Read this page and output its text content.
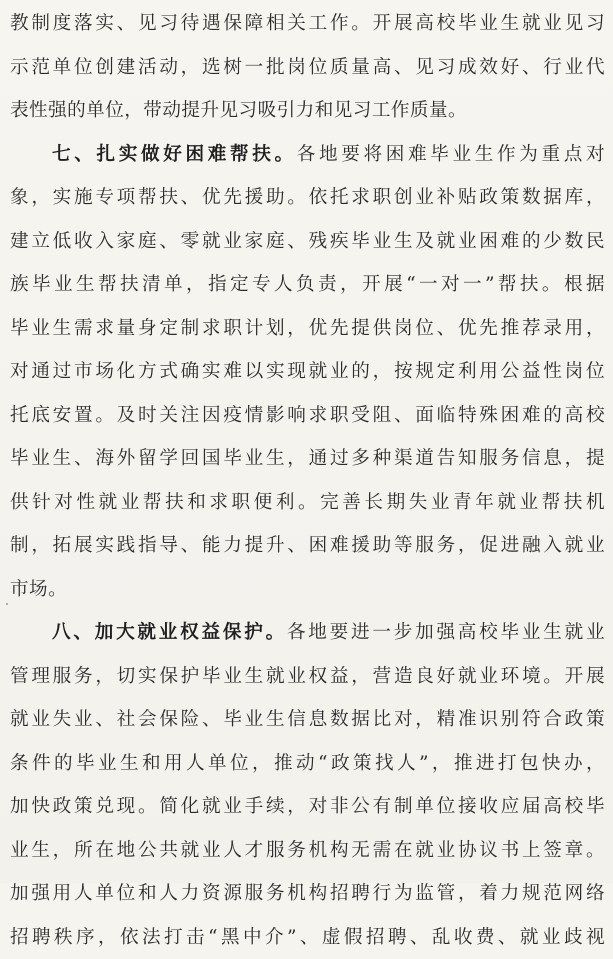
教制度落实、见习待遇保障相关工作。开展高校毕业生就业见习
示范单位创建活动，选树一批岗位质量高、见习成效好、行业代
表性强的单位，带动提升见习吸引力和见习工作质量。
七、扎实做好困难帮扶。各地要将困难毕业生作为重点对
象，实施专项帮扶、优先援助。依托求职创业补贴政策数据库，
建立低收入家庭、零就业家庭、残疾毕业生及就业困难的少数民
族毕业生帮扶清单，指定专人负责，开展“一对一”帮扶。根据
毕业生需求量身定制求职计划，优先提供岗位、优先推荐录用，
对通过市场化方式确实难以实现就业的，按规定利用公益性岗位
托底安置。及时关注因疫情影响求职受阻、面临特殊困难的高校
毕业生、海外留学回国毕业生，通过多种渠道告知服务信息，提
供针对性就业帮扶和求职便利。完善长期失业青年就业帮扶机
制，拓展实践指导、能力提升、困难援助等服务，促进融入就业
市场。
八、加大就业权益保护。各地要进一步加强高校毕业生就业
管理服务，切实保护毕业生就业权益，营造良好就业环境。开展
就业失业、社会保险、毕业生信息数据比对，精准识别符合政策
条件的毕业生和用人单位，推动“政策找人”，推进打包快办，
加快政策兑现。简化就业手续，对非公有制单位接收应届高校毕
业生，所在地公共就业人才服务机构无需在就业协议书上签章。
加强用人单位和人力资源服务机构招聘行为监管，着力规范网络
招聘秩序，依法打击“黑中介”、虚假招聘、乱收费、就业歧视
